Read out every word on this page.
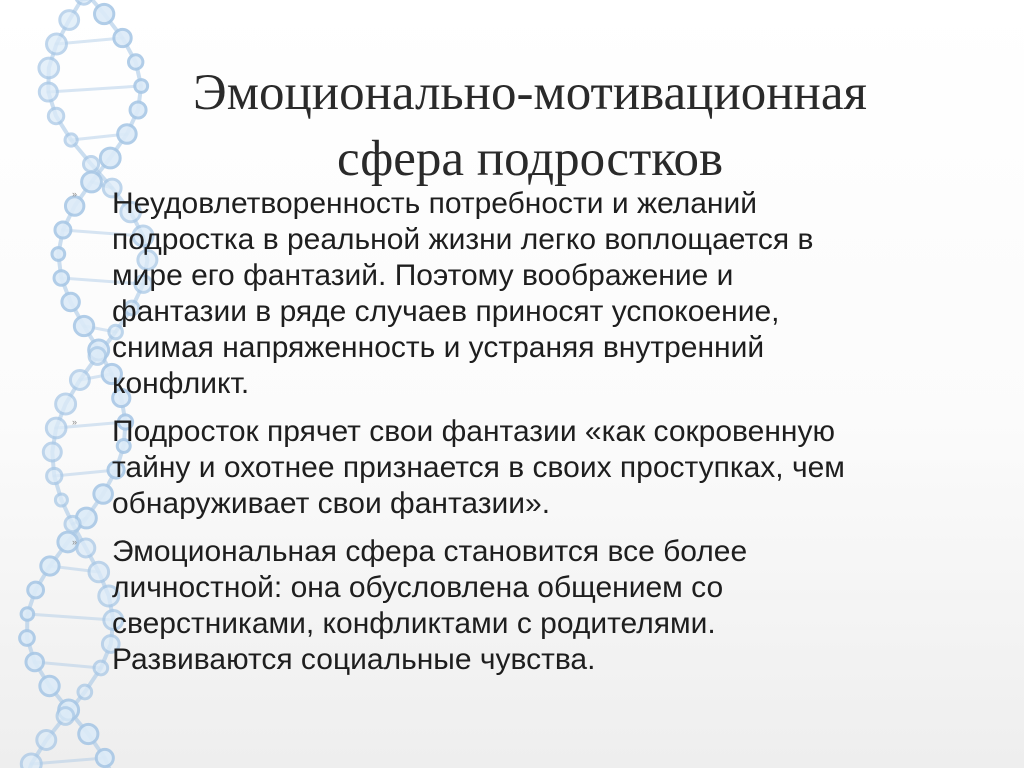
Эмоционально-мотивационная
сфера подростков
» Неудовлетворенность потребности и желаний
подростка в реальной жизни легко воплощается в
мире его фантазий. Поэтому воображение и
фантазии в ряде случаев приносят успокоение,
снимая напряженность и устраняя внутренний
конфликт.
» Подросток прячет свои фантазии «как сокровенную
тайну и охотнее признается в своих проступках, чем
обнаруживает свои фантазии».
» Эмоциональная сфера становится все более
личностной: она обусловлена общением со
сверстниками, конфликтами с родителями.
Развиваются социальные чувства.
